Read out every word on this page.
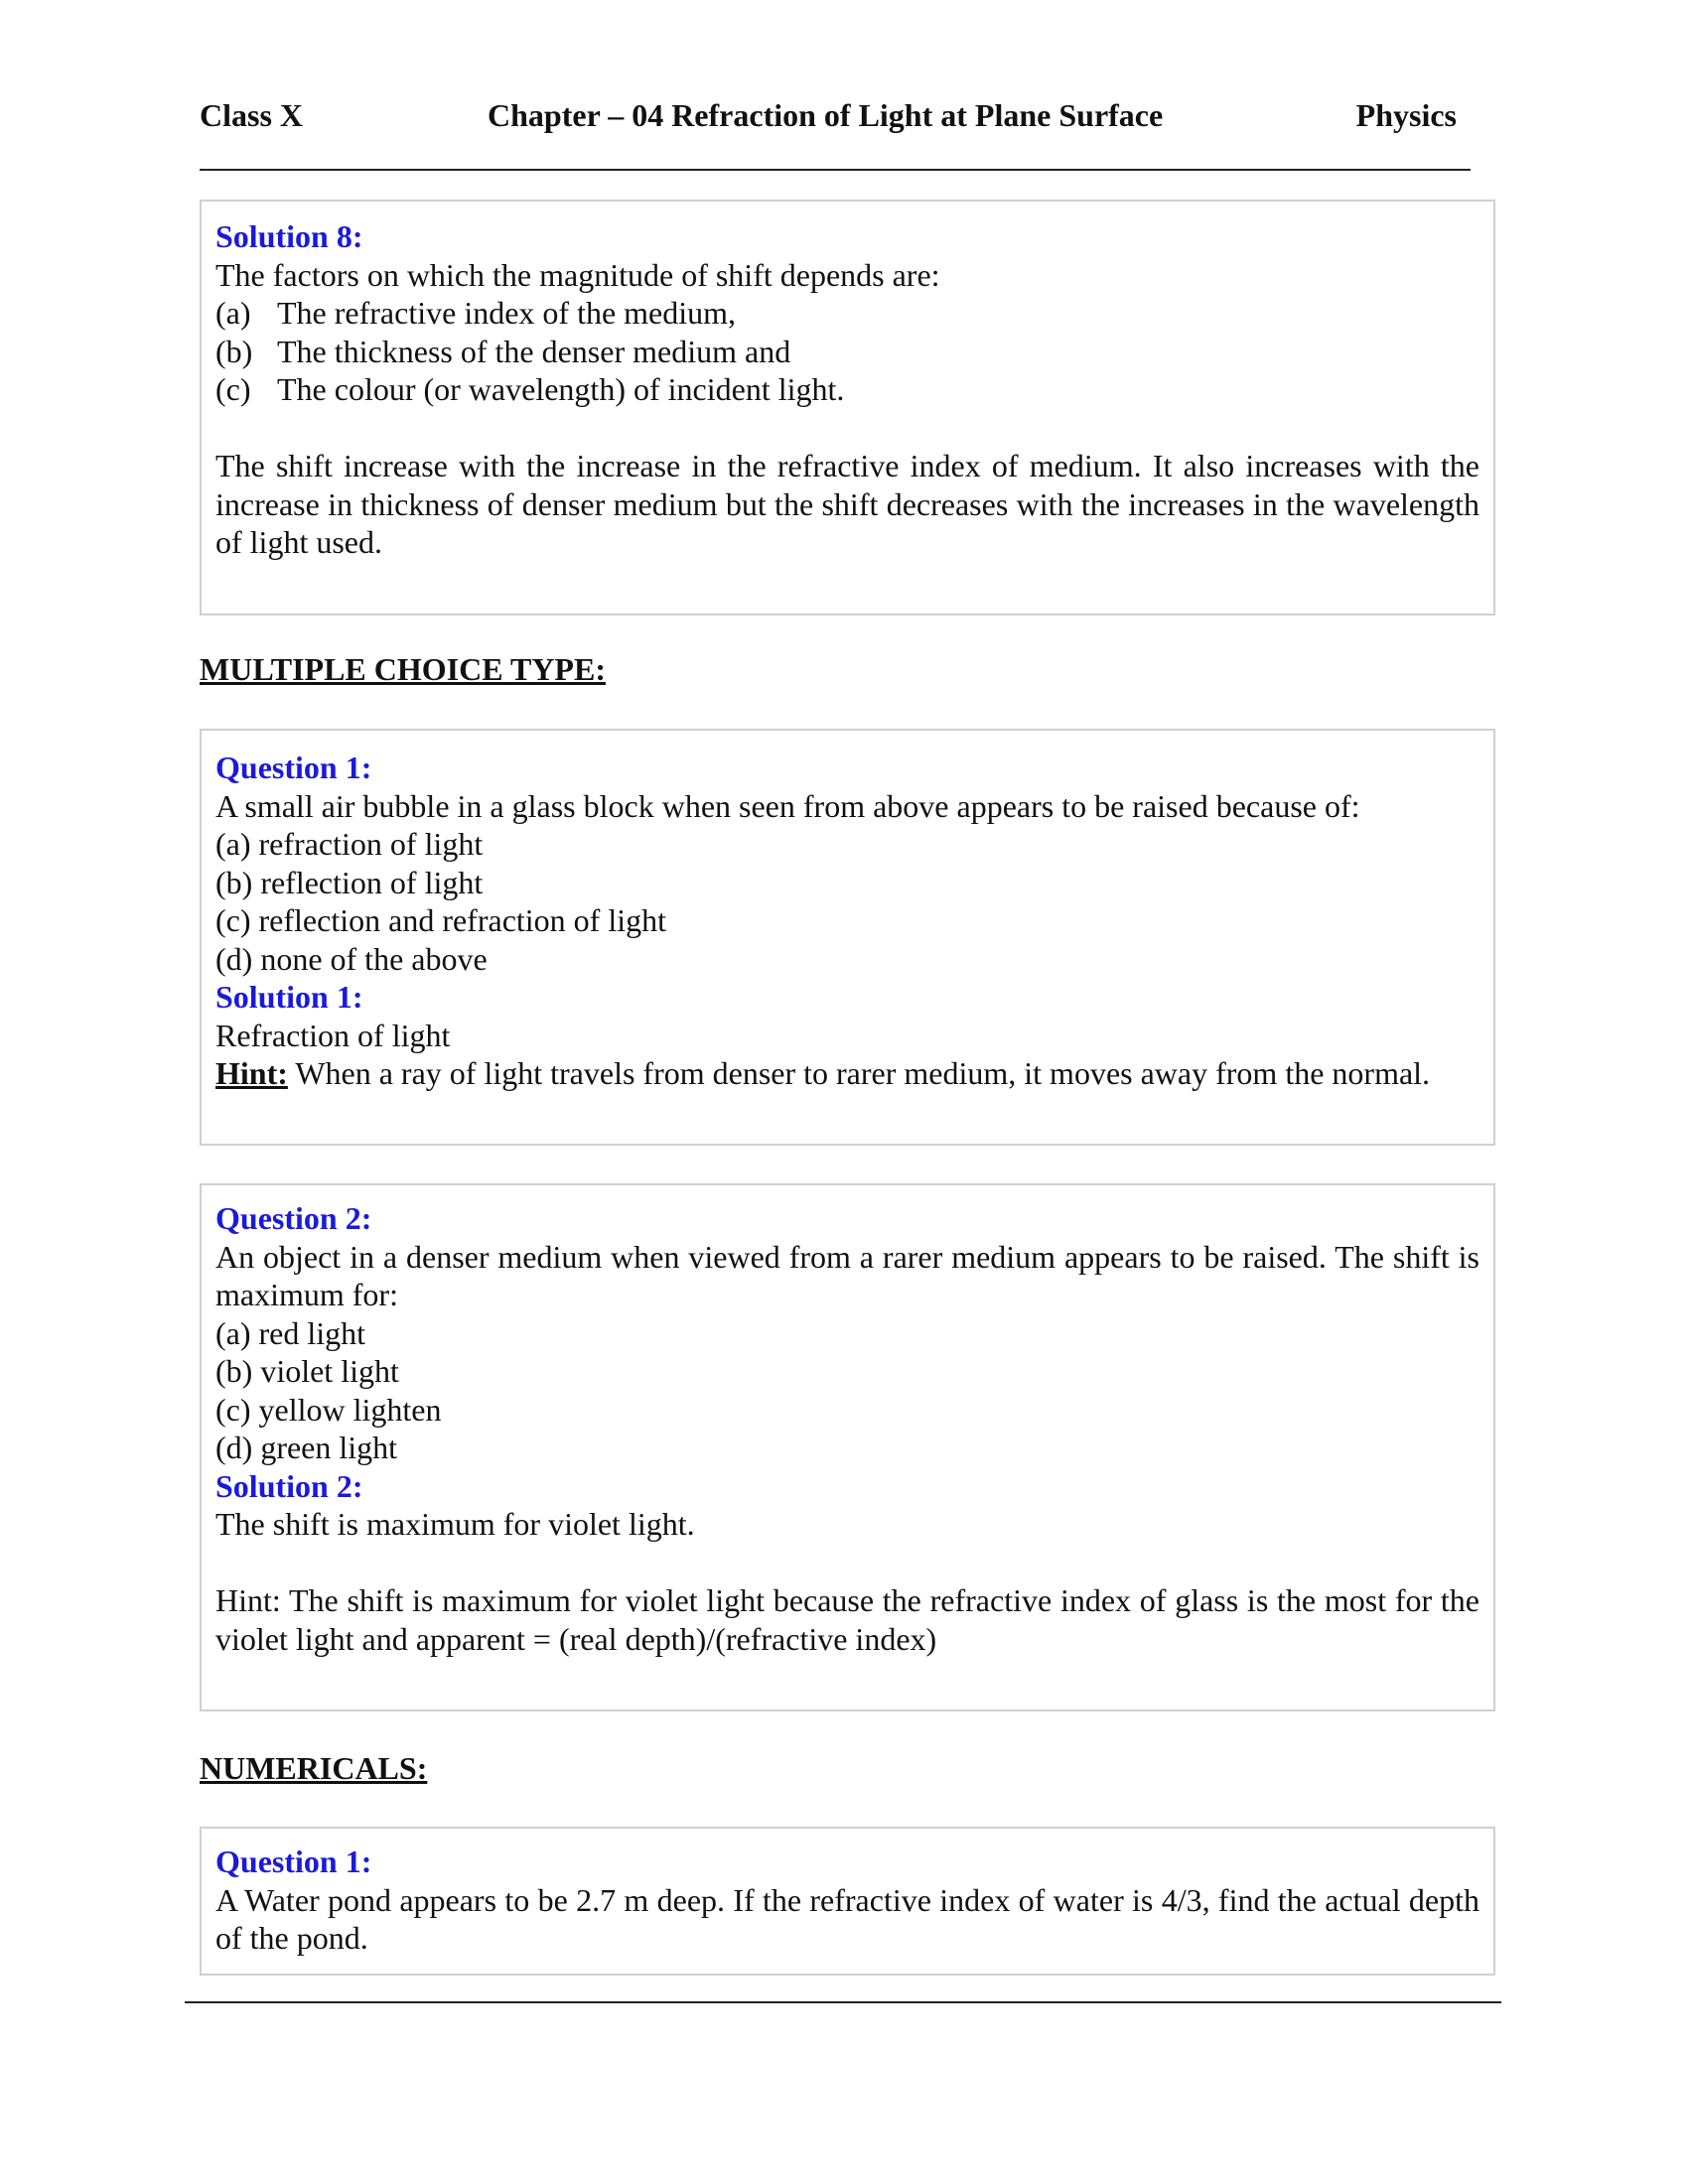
Class X	Chapter – 04 Refraction of Light at Plane Surface	Physics
Solution 8:
The factors on which the magnitude of shift depends are:
(a) The refractive index of the medium,
(b) The thickness of the denser medium and
(c) The colour (or wavelength) of incident light.
The shift increase with the increase in the refractive index of medium. It also increases with the increase in thickness of denser medium but the shift decreases with the increases in the wavelength of light used.
MULTIPLE CHOICE TYPE:
Question 1:
A small air bubble in a glass block when seen from above appears to be raised because of:
(a) refraction of light
(b) reflection of light
(c) reflection and refraction of light
(d) none of the above
Solution 1:
Refraction of light
Hint: When a ray of light travels from denser to rarer medium, it moves away from the normal.
Question 2:
An object in a denser medium when viewed from a rarer medium appears to be raised. The shift is maximum for:
(a) red light
(b) violet light
(c) yellow lighten
(d) green light
Solution 2:
The shift is maximum for violet light.
Hint: The shift is maximum for violet light because the refractive index of glass is the most for the violet light and apparent = (real depth)/(refractive index)
NUMERICALS:
Question 1:
A Water pond appears to be 2.7 m deep. If the refractive index of water is 4/3, find the actual depth of the pond.
